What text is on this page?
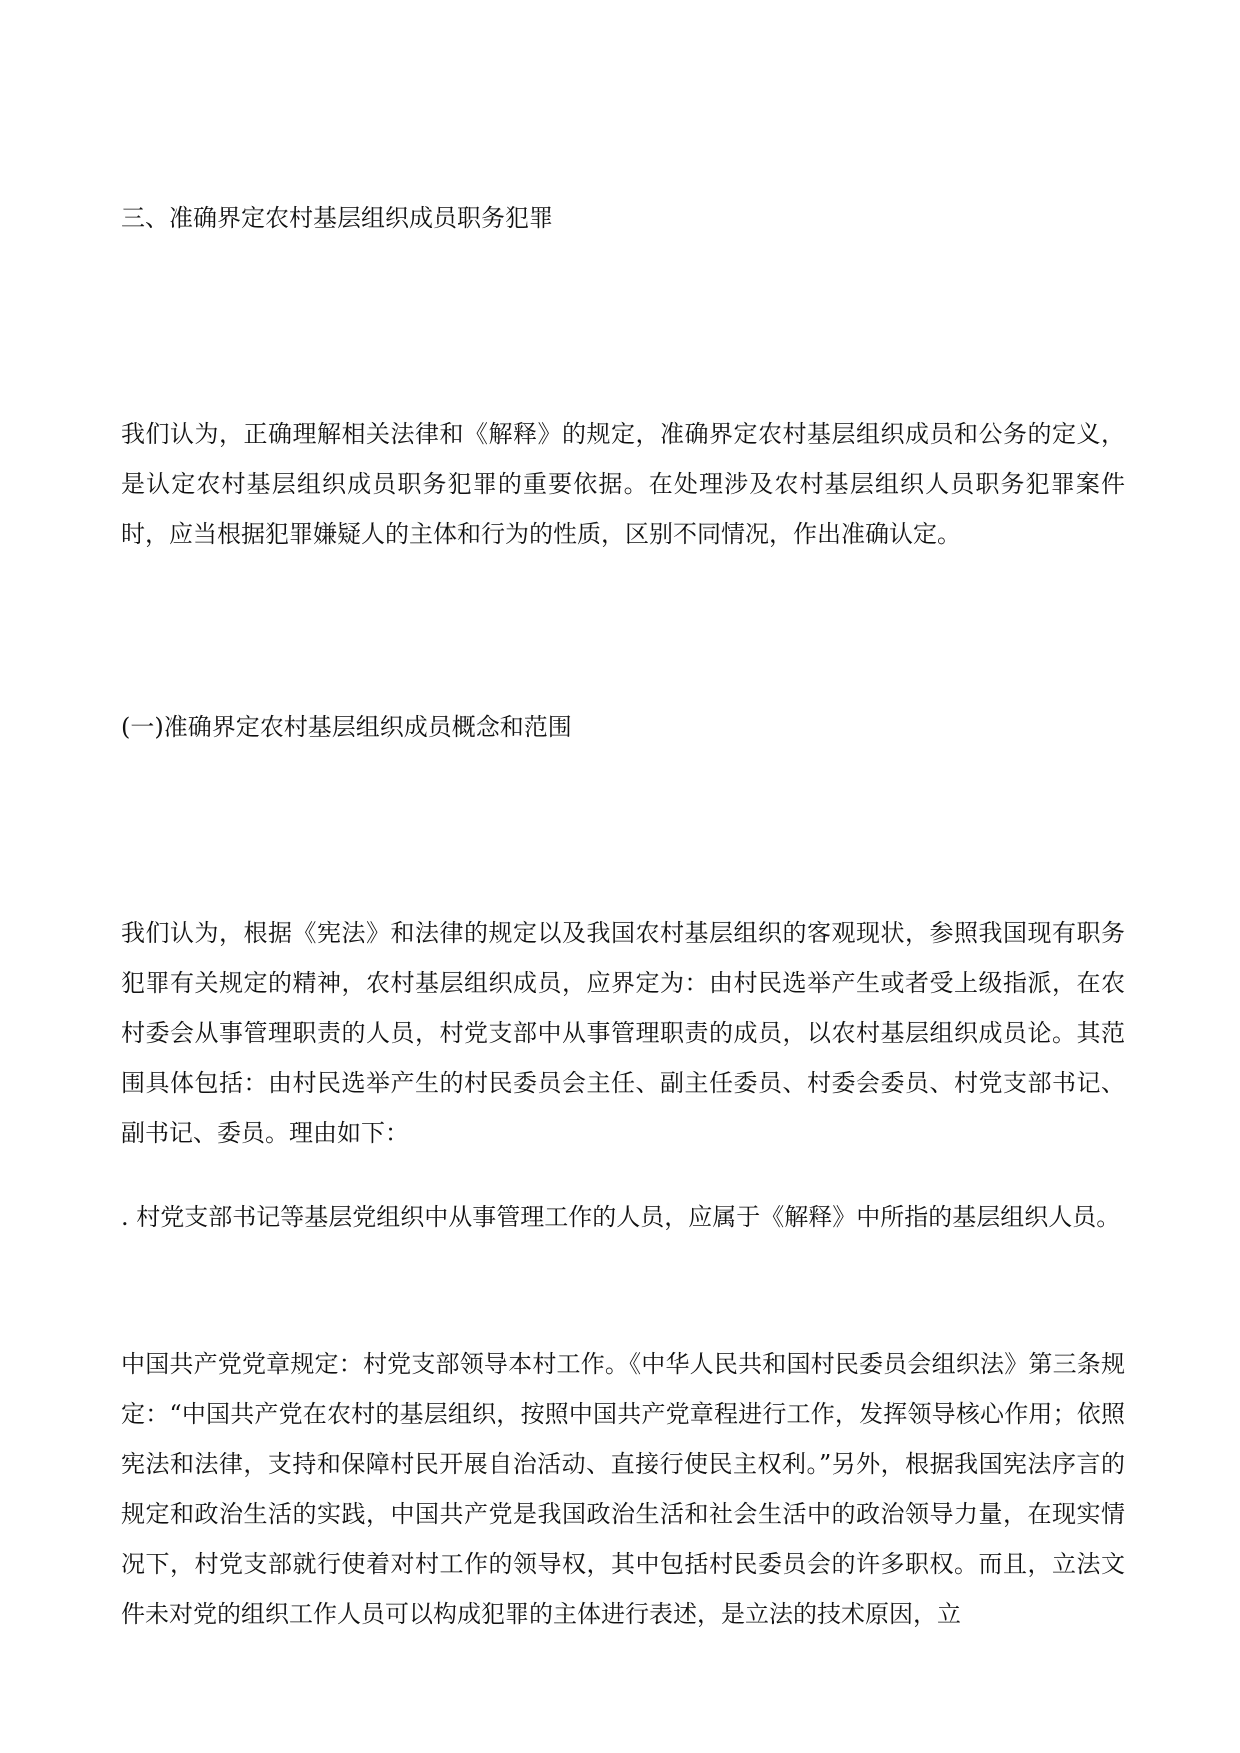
三、准确界定农村基层组织成员职务犯罪

我们认为，正确理解相关法律和《解释》的规定，准确界定农村基层组织成员和公务的定义，是认定农村基层组织成员职务犯罪的重要依据。在处理涉及农村基层组织人员职务犯罪案件时，应当根据犯罪嫌疑人的主体和行为的性质，区别不同情况，作出准确认定。

(一)准确界定农村基层组织成员概念和范围

我们认为，根据《宪法》和法律的规定以及我国农村基层组织的客观现状，参照我国现有职务犯罪有关规定的精神，农村基层组织成员，应界定为：由村民选举产生或者受上级指派，在农村委会从事管理职责的人员，村党支部中从事管理职责的成员，以农村基层组织成员论。其范围具体包括：由村民选举产生的村民委员会主任、副主任委员、村委会委员、村党支部书记、副书记、委员。理由如下：

. 村党支部书记等基层党组织中从事管理工作的人员，应属于《解释》中所指的基层组织人员。

中国共产党党章规定：村党支部领导本村工作。《中华人民共和国村民委员会组织法》第三条规定：“中国共产党在农村的基层组织，按照中国共产党章程进行工作，发挥领导核心作用；依照宪法和法律，支持和保障村民开展自治活动、直接行使民主权利。”另外，根据我国宪法序言的规定和政治生活的实践，中国共产党是我国政治生活和社会生活中的政治领导力量，在现实情况下，村党支部就行使着对村工作的领导权，其中包括村民委员会的许多职权。而且，立法文件未对党的组织工作人员可以构成犯罪的主体进行表述，是立法的技术原因，立
